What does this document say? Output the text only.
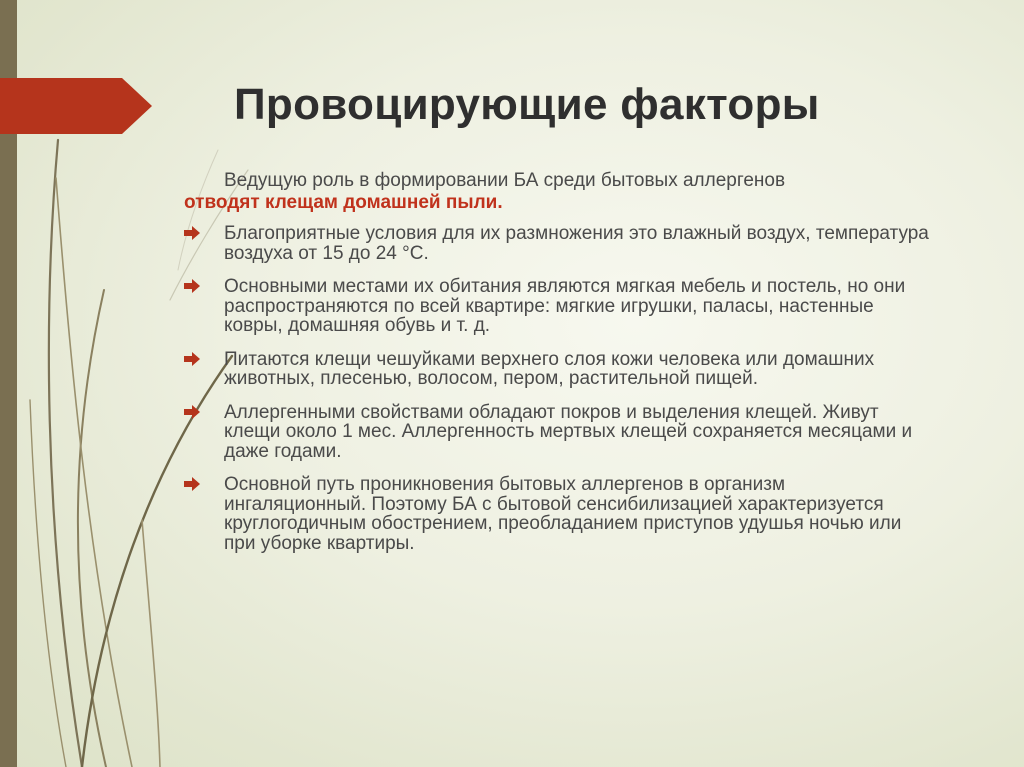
Провоцирующие факторы

Ведущую роль в формировании БА среди бытовых аллергенов
отводят клещам домашней пыли.

Благоприятные условия для их размножения это влажный воздух, температура воздуха от 15 до 24 °С.
Основными местами их обитания являются мягкая мебель и постель, но они распространяются по всей квартире: мягкие игрушки, паласы, настенные ковры, домашняя обувь и т. д.
Питаются клещи чешуйками верхнего слоя кожи человека или домашних животных, плесенью, волосом, пером, растительной пищей.
Аллергенными свойствами обладают покров и выделения клещей. Живут клещи около 1 мес. Аллергенность мертвых клещей сохраняется месяцами и даже годами.
Основной путь проникновения бытовых аллергенов в организм ингаляционный. Поэтому БА с бытовой сенсибилизацией характеризуется круглогодичным обострением, преобладанием приступов удушья ночью или при уборке квартиры.
